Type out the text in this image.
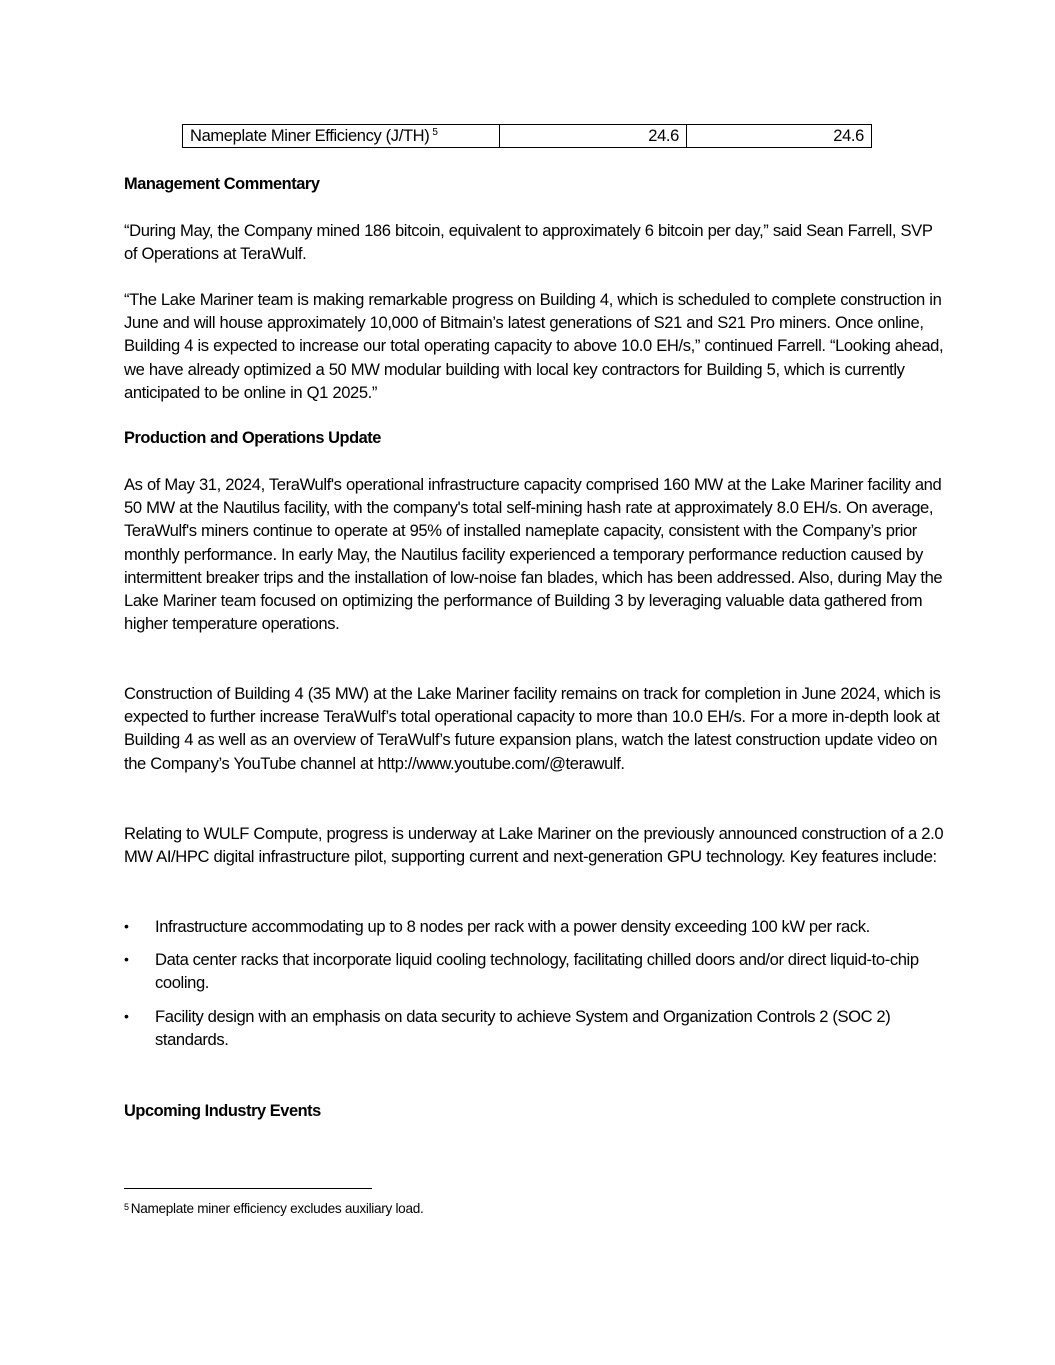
Nameplate Miner Efficiency (J/TH) $^5$	24.6	24.6
Management Commentary

“During May, the Company mined 186 bitcoin, equivalent to approximately 6 bitcoin per day,” said Sean Farrell, SVP of Operations at TeraWulf.

“The Lake Mariner team is making remarkable progress on Building 4, which is scheduled to complete construction in June and will house approximately 10,000 of Bitmain’s latest generations of S21 and S21 Pro miners. Once online, Building 4 is expected to increase our total operating capacity to above 10.0 EH/s,” continued Farrell. “Looking ahead, we have already optimized a 50 MW modular building with local key contractors for Building 5, which is currently anticipated to be online in Q1 2025.”

Production and Operations Update

As of May 31, 2024, TeraWulf's operational infrastructure capacity comprised 160 MW at the Lake Mariner facility and 50 MW at the Nautilus facility, with the company's total self-mining hash rate at approximately 8.0 EH/s. On average, TeraWulf's miners continue to operate at 95% of installed nameplate capacity, consistent with the Company’s prior monthly performance. In early May, the Nautilus facility experienced a temporary performance reduction caused by intermittent breaker trips and the installation of low-noise fan blades, which has been addressed. Also, during May the Lake Mariner team focused on optimizing the performance of Building 3 by leveraging valuable data gathered from higher temperature operations.

Construction of Building 4 (35 MW) at the Lake Mariner facility remains on track for completion in June 2024, which is expected to further increase TeraWulf’s total operational capacity to more than 10.0 EH/s. For a more in-depth look at Building 4 as well as an overview of TeraWulf’s future expansion plans, watch the latest construction update video on the Company’s YouTube channel at http://www.youtube.com/@terawulf.

Relating to WULF Compute, progress is underway at Lake Mariner on the previously announced construction of a 2.0 MW AI/HPC digital infrastructure pilot, supporting current and next-generation GPU technology. Key features include:

• Infrastructure accommodating up to 8 nodes per rack with a power density exceeding 100 kW per rack.
• Data center racks that incorporate liquid cooling technology, facilitating chilled doors and/or direct liquid-to-chip cooling.
• Facility design with an emphasis on data security to achieve System and Organization Controls 2 (SOC 2) standards.
Upcoming Industry Events
$^5$ Nameplate miner efficiency excludes auxiliary load.
